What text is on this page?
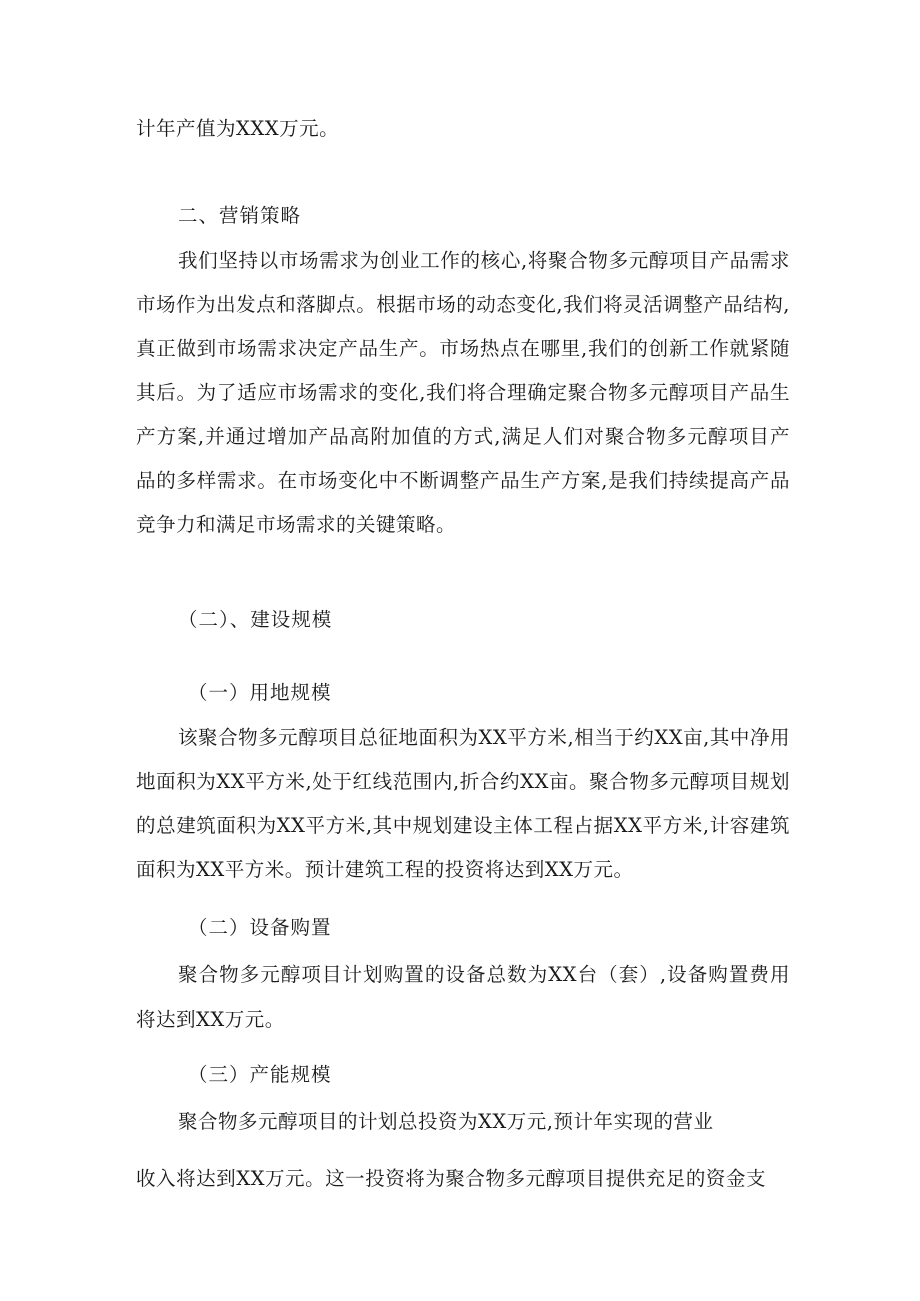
计年产值为XXX万元。
二、营销策略
我们坚持以市场需求为创业工作的核心,将聚合物多元醇项目产品需求
市场作为出发点和落脚点。根据市场的动态变化,我们将灵活调整产品结构,
真正做到市场需求决定产品生产。市场热点在哪里,我们的创新工作就紧随
其后。为了适应市场需求的变化,我们将合理确定聚合物多元醇项目产品生
产方案,并通过增加产品高附加值的方式,满足人们对聚合物多元醇项目产
品的多样需求。在市场变化中不断调整产品生产方案,是我们持续提高产品
竞争力和满足市场需求的关键策略。
（二）、建设规模
（一）用地规模
该聚合物多元醇项目总征地面积为XX平方米,相当于约XX亩,其中净用
地面积为XX平方米,处于红线范围内,折合约XX亩。聚合物多元醇项目规划
的总建筑面积为XX平方米,其中规划建设主体工程占据XX平方米,计容建筑
面积为XX平方米。预计建筑工程的投资将达到XX万元。
（二）设备购置
聚合物多元醇项目计划购置的设备总数为XX台（套）,设备购置费用
将达到XX万元。
（三）产能规模
聚合物多元醇项目的计划总投资为XX万元,预计年实现的营业
收入将达到XX万元。这一投资将为聚合物多元醇项目提供充足的资金支
